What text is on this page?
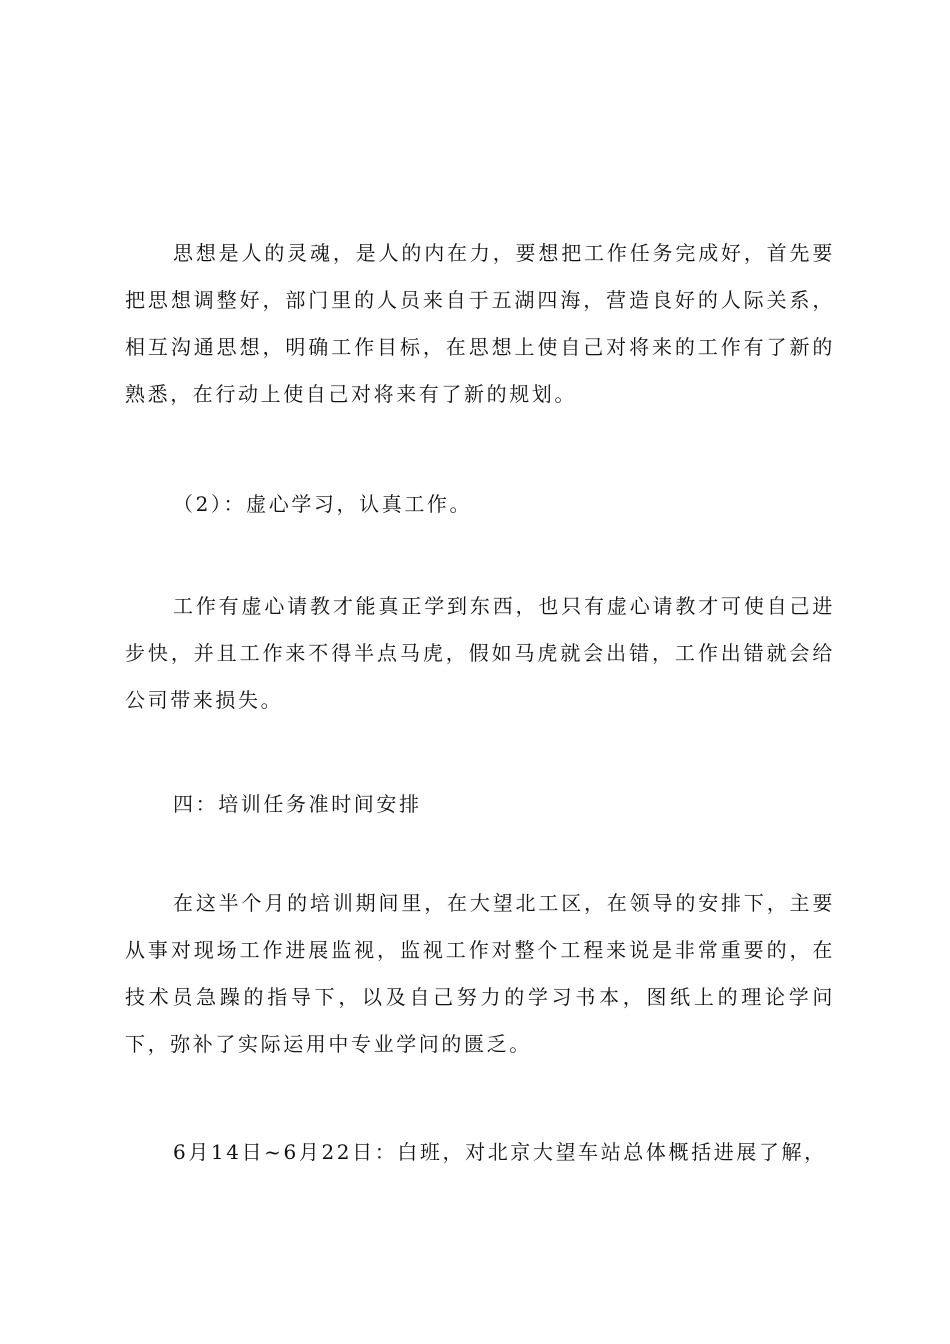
思想是人的灵魂，是人的内在力，要想把工作任务完成好，首先要把思想调整好，部门里的人员来自于五湖四海，营造良好的人际关系，相互沟通思想，明确工作目标，在思想上使自己对将来的工作有了新的熟悉，在行动上使自己对将来有了新的规划。

（2）：虚心学习，认真工作。

工作有虚心请教才能真正学到东西，也只有虚心请教才可使自己进步快，并且工作来不得半点马虎，假如马虎就会出错，工作出错就会给公司带来损失。

四：培训任务准时间安排

在这半个月的培训期间里，在大望北工区，在领导的安排下，主要从事对现场工作进展监视，监视工作对整个工程来说是非常重要的，在技术员急躁的指导下，以及自己努力的学习书本，图纸上的理论学问下，弥补了实际运用中专业学问的匮乏。

6月14日~6月22日：白班，对北京大望车站总体概括进展了解，
